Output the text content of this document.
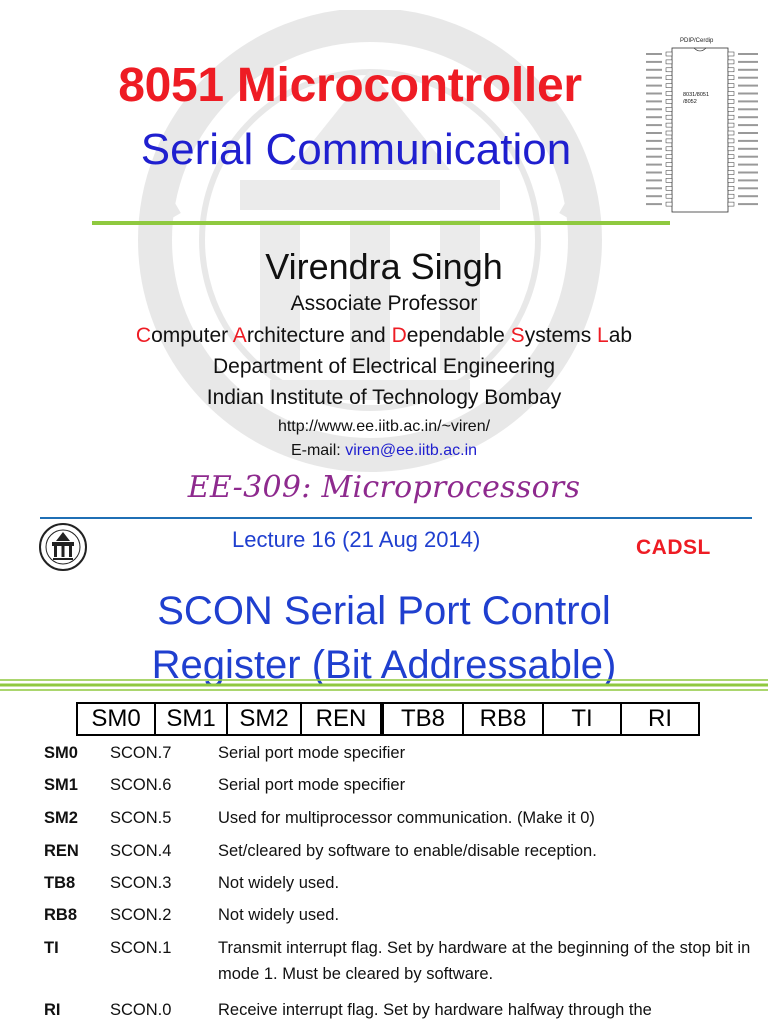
8051 Microcontroller
Serial Communication
PDIP/Cerdip
8031/8051
/8052
Virendra Singh
Associate Professor
Computer Architecture and Dependable Systems Lab
Department of Electrical Engineering
Indian Institute of Technology Bombay
http://www.ee.iitb.ac.in/~viren/
E-mail: viren@ee.iitb.ac.in
EE-309: Microprocessors
Lecture 16 (21 Aug 2014)	CADSL
SCON Serial Port Control
Register (Bit Addressable)
SM0	SM1 SM2	REN	TB8	RB8	TI	RI
SM0 SCON.7	Serial port mode specifier
SM1 SCON.6	Serial port mode specifier
SM2 SCON.5	Used for multiprocessor communication. (Make it 0)
REN SCON.4	Set/cleared by software to enable/disable reception.
TB8 SCON.3	Not widely used.
RB8 SCON.2	Not widely used.
TI	SCON.1	Transmit interrupt flag. Set by hardware at the beginning of the stop bit in mode 1. Must be cleared by software.
RI	SCON.0	Receive interrupt flag. Set by hardware halfway through the
